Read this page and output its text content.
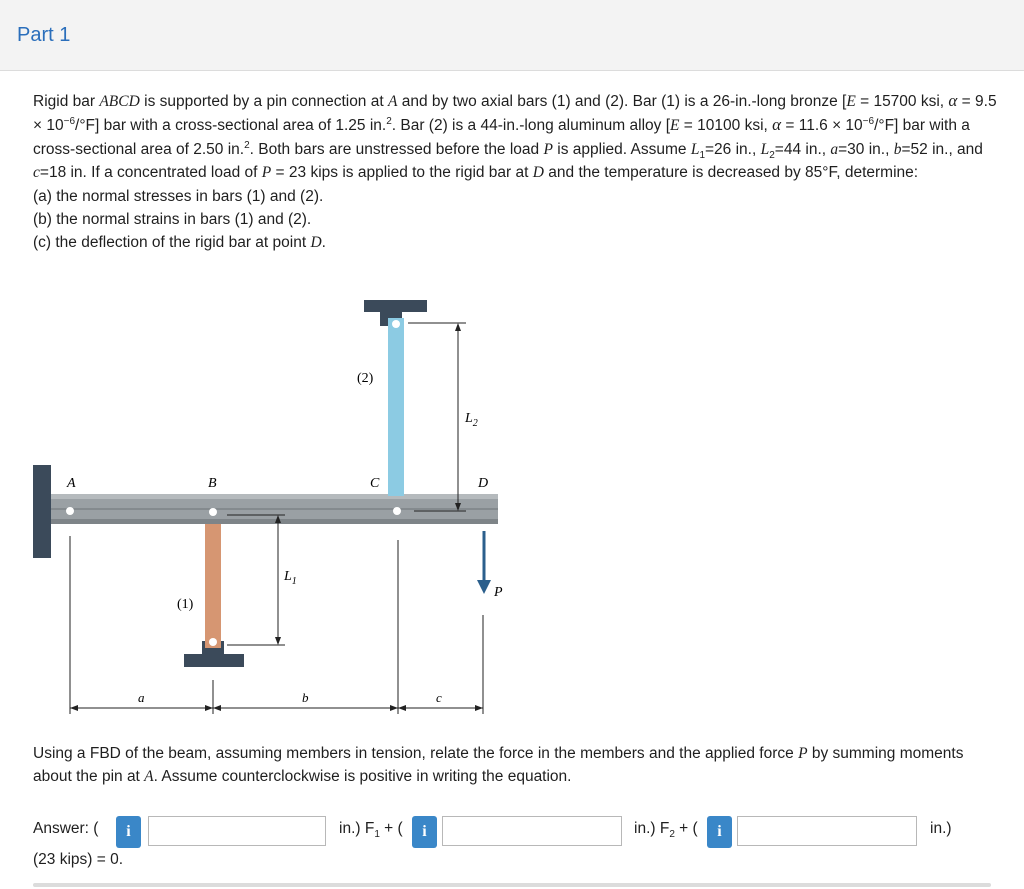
Part 1

Rigid bar ABCD is supported by a pin connection at A and by two axial bars (1) and (2). Bar (1) is a 26-in.-long bronze [E = 15700 ksi, $\alpha = 9.5 \times 10^{-6}/^\circ F$] bar with a cross-sectional area of 1.25 in.$^2$. Bar (2) is a 44-in.-long aluminum alloy [E = 10100 ksi, $\alpha = 11.6 \times 10^{-6}/^\circ F$] bar with a cross-sectional area of 2.50 in.$^2$. Both bars are unstressed before the load P is applied. Assume $L_1=26$ in., $L_2=44$ in., a=30 in., b=52 in., and c=18 in. If a concentrated load of P = 23 kips is applied to the rigid bar at D and the temperature is decreased by 85°F, determine:

(a) the normal stresses in bars (1) and (2).

(b) the normal strains in bars (1) and (2).

(c) the deflection of the rigid bar at point D.

A	B	C	D
(2)
(1)
$L_2$
$L_1$
P
a	b	c
Using a FBD of the beam, assuming members in tension, relate the force in the members and the applied force P by summing moments about the pin at A. Assume counterclockwise is positive in writing the equation.
Answer: (	i	in.) $F_1$ + (	i	in.) $F_2$ + (	i	in.)
(23 kips) = 0.
